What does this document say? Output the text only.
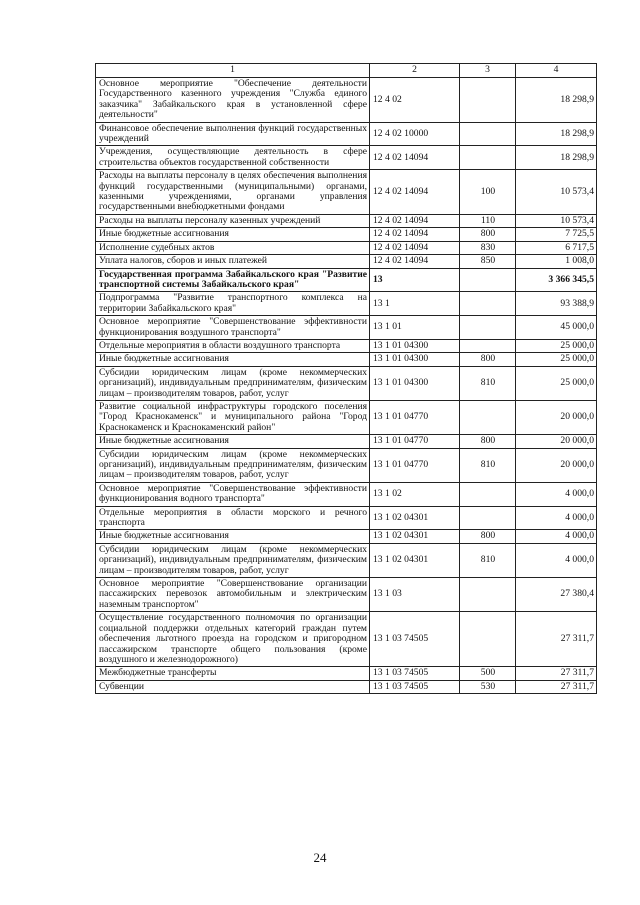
1	2	3	4
Основное мероприятие "Обеспечение деятельности Государственного казенного учреждения "Служба единого заказчика" Забайкальского края в установленной сфере деятельности"	12 4 02		18 298,9
Финансовое обеспечение выполнения функций государственных учреждений	12 4 02 10000		18 298,9
Учреждения, осуществляющие деятельность в сфере строительства объектов государственной собственности	12 4 02 14094		18 298,9
Расходы на выплаты персоналу в целях обеспечения выполнения функций государственными (муниципальными) органами, казенными учреждениями, органами управления государственными внебюджетными фондами	12 4 02 14094	100	10 573,4
Расходы на выплаты персоналу казенных учреждений	12 4 02 14094	110	10 573,4
Иные бюджетные ассигнования	12 4 02 14094	800	7 725,5
Исполнение судебных актов	12 4 02 14094	830	6 717,5
Уплата налогов, сборов и иных платежей	12 4 02 14094	850	1 008,0
Государственная программа Забайкальского края "Развитие транспортной системы Забайкальского края"	13		3 366 345,5
Подпрограмма "Развитие транспортного комплекса на территории Забайкальского края"	13 1		93 388,9
Основное мероприятие "Совершенствование эффективности функционирования воздушного транспорта"	13 1 01		45 000,0
Отдельные мероприятия в области воздушного транспорта	13 1 01 04300		25 000,0
Иные бюджетные ассигнования	13 1 01 04300	800	25 000,0
Субсидии юридическим лицам (кроме некоммерческих организаций), индивидуальным предпринимателям, физическим лицам – производителям товаров, работ, услуг	13 1 01 04300	810	25 000,0
Развитие социальной инфраструктуры городского поселения "Город Краснокаменск" и муниципального района "Город Краснокаменск и Краснокаменский район"	13 1 01 04770		20 000,0
Иные бюджетные ассигнования	13 1 01 04770	800	20 000,0
Субсидии юридическим лицам (кроме некоммерческих организаций), индивидуальным предпринимателям, физическим лицам – производителям товаров, работ, услуг	13 1 01 04770	810	20 000,0
Основное мероприятие "Совершенствование эффективности функционирования водного транспорта"	13 1 02		4 000,0
Отдельные мероприятия в области морского и речного транспорта	13 1 02 04301		4 000,0
Иные бюджетные ассигнования	13 1 02 04301	800	4 000,0
Субсидии юридическим лицам (кроме некоммерческих организаций), индивидуальным предпринимателям, физическим лицам – производителям товаров, работ, услуг	13 1 02 04301	810	4 000,0
Основное мероприятие "Совершенствование организации пассажирских перевозок автомобильным и электрическим наземным транспортом"	13 1 03		27 380,4
Осуществление государственного полномочия по организации социальной поддержки отдельных категорий граждан путем обеспечения льготного проезда на городском и пригородном пассажирском транспорте общего пользования (кроме воздушного и железнодорожного)	13 1 03 74505		27 311,7
Межбюджетные трансферты	13 1 03 74505	500	27 311,7
Субвенции	13 1 03 74505	530	27 311,7
24
